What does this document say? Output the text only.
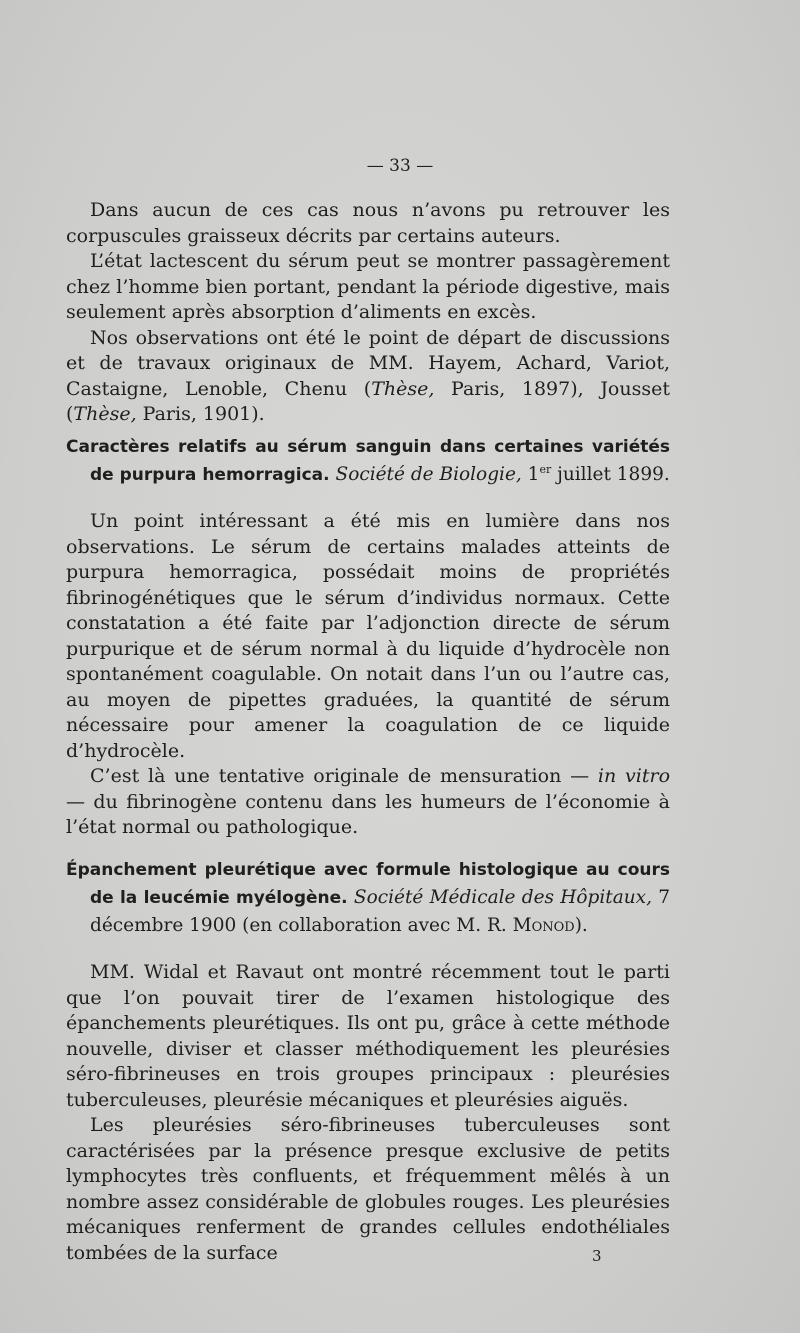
— 33 —

Dans aucun de ces cas nous n’avons pu retrouver les corpuscules graisseux décrits par certains auteurs.

L’état lactescent du sérum peut se montrer passagèrement chez l’homme bien portant, pendant la période digestive, mais seulement après absorption d’aliments en excès.

Nos observations ont été le point de départ de discussions et de travaux originaux de MM. Hayem, Achard, Variot, Castaigne, Lenoble, Chenu (Thèse, Paris, 1897), Jousset (Thèse, Paris, 1901).

Caractères relatifs au sérum sanguin dans certaines variétés de purpura hemorragica. Société de Biologie, 1er juillet 1899.

Un point intéressant a été mis en lumière dans nos observations. Le sérum de certains malades atteints de purpura hemorragica, possédait moins de propriétés fibrinogénétiques que le sérum d’individus normaux. Cette constatation a été faite par l’adjonction directe de sérum purpurique et de sérum normal à du liquide d’hydrocèle non spontanément coagulable. On notait dans l’un ou l’autre cas, au moyen de pipettes graduées, la quantité de sérum nécessaire pour amener la coagulation de ce liquide d’hydrocèle.

C’est là une tentative originale de mensuration — in vitro — du fibrinogène contenu dans les humeurs de l’économie à l’état normal ou pathologique.

Épanchement pleurétique avec formule histologique au cours de la leucémie myélogène. Société Médicale des Hôpitaux, 7 décembre 1900 (en collaboration avec M. R. Monod).

MM. Widal et Ravaut ont montré récemment tout le parti que l’on pouvait tirer de l’examen histologique des épanchements pleurétiques. Ils ont pu, grâce à cette méthode nouvelle, diviser et classer méthodiquement les pleurésies séro-fibrineuses en trois groupes principaux : pleurésies tuberculeuses, pleurésie mécaniques et pleurésies aiguës.

Les pleurésies séro-fibrineuses tuberculeuses sont caractérisées par la présence presque exclusive de petits lymphocytes très confluents, et fréquemment mêlés à un nombre assez considérable de globules rouges. Les pleurésies mécaniques renferment de grandes cellules endothéliales tombées de la surface	3
